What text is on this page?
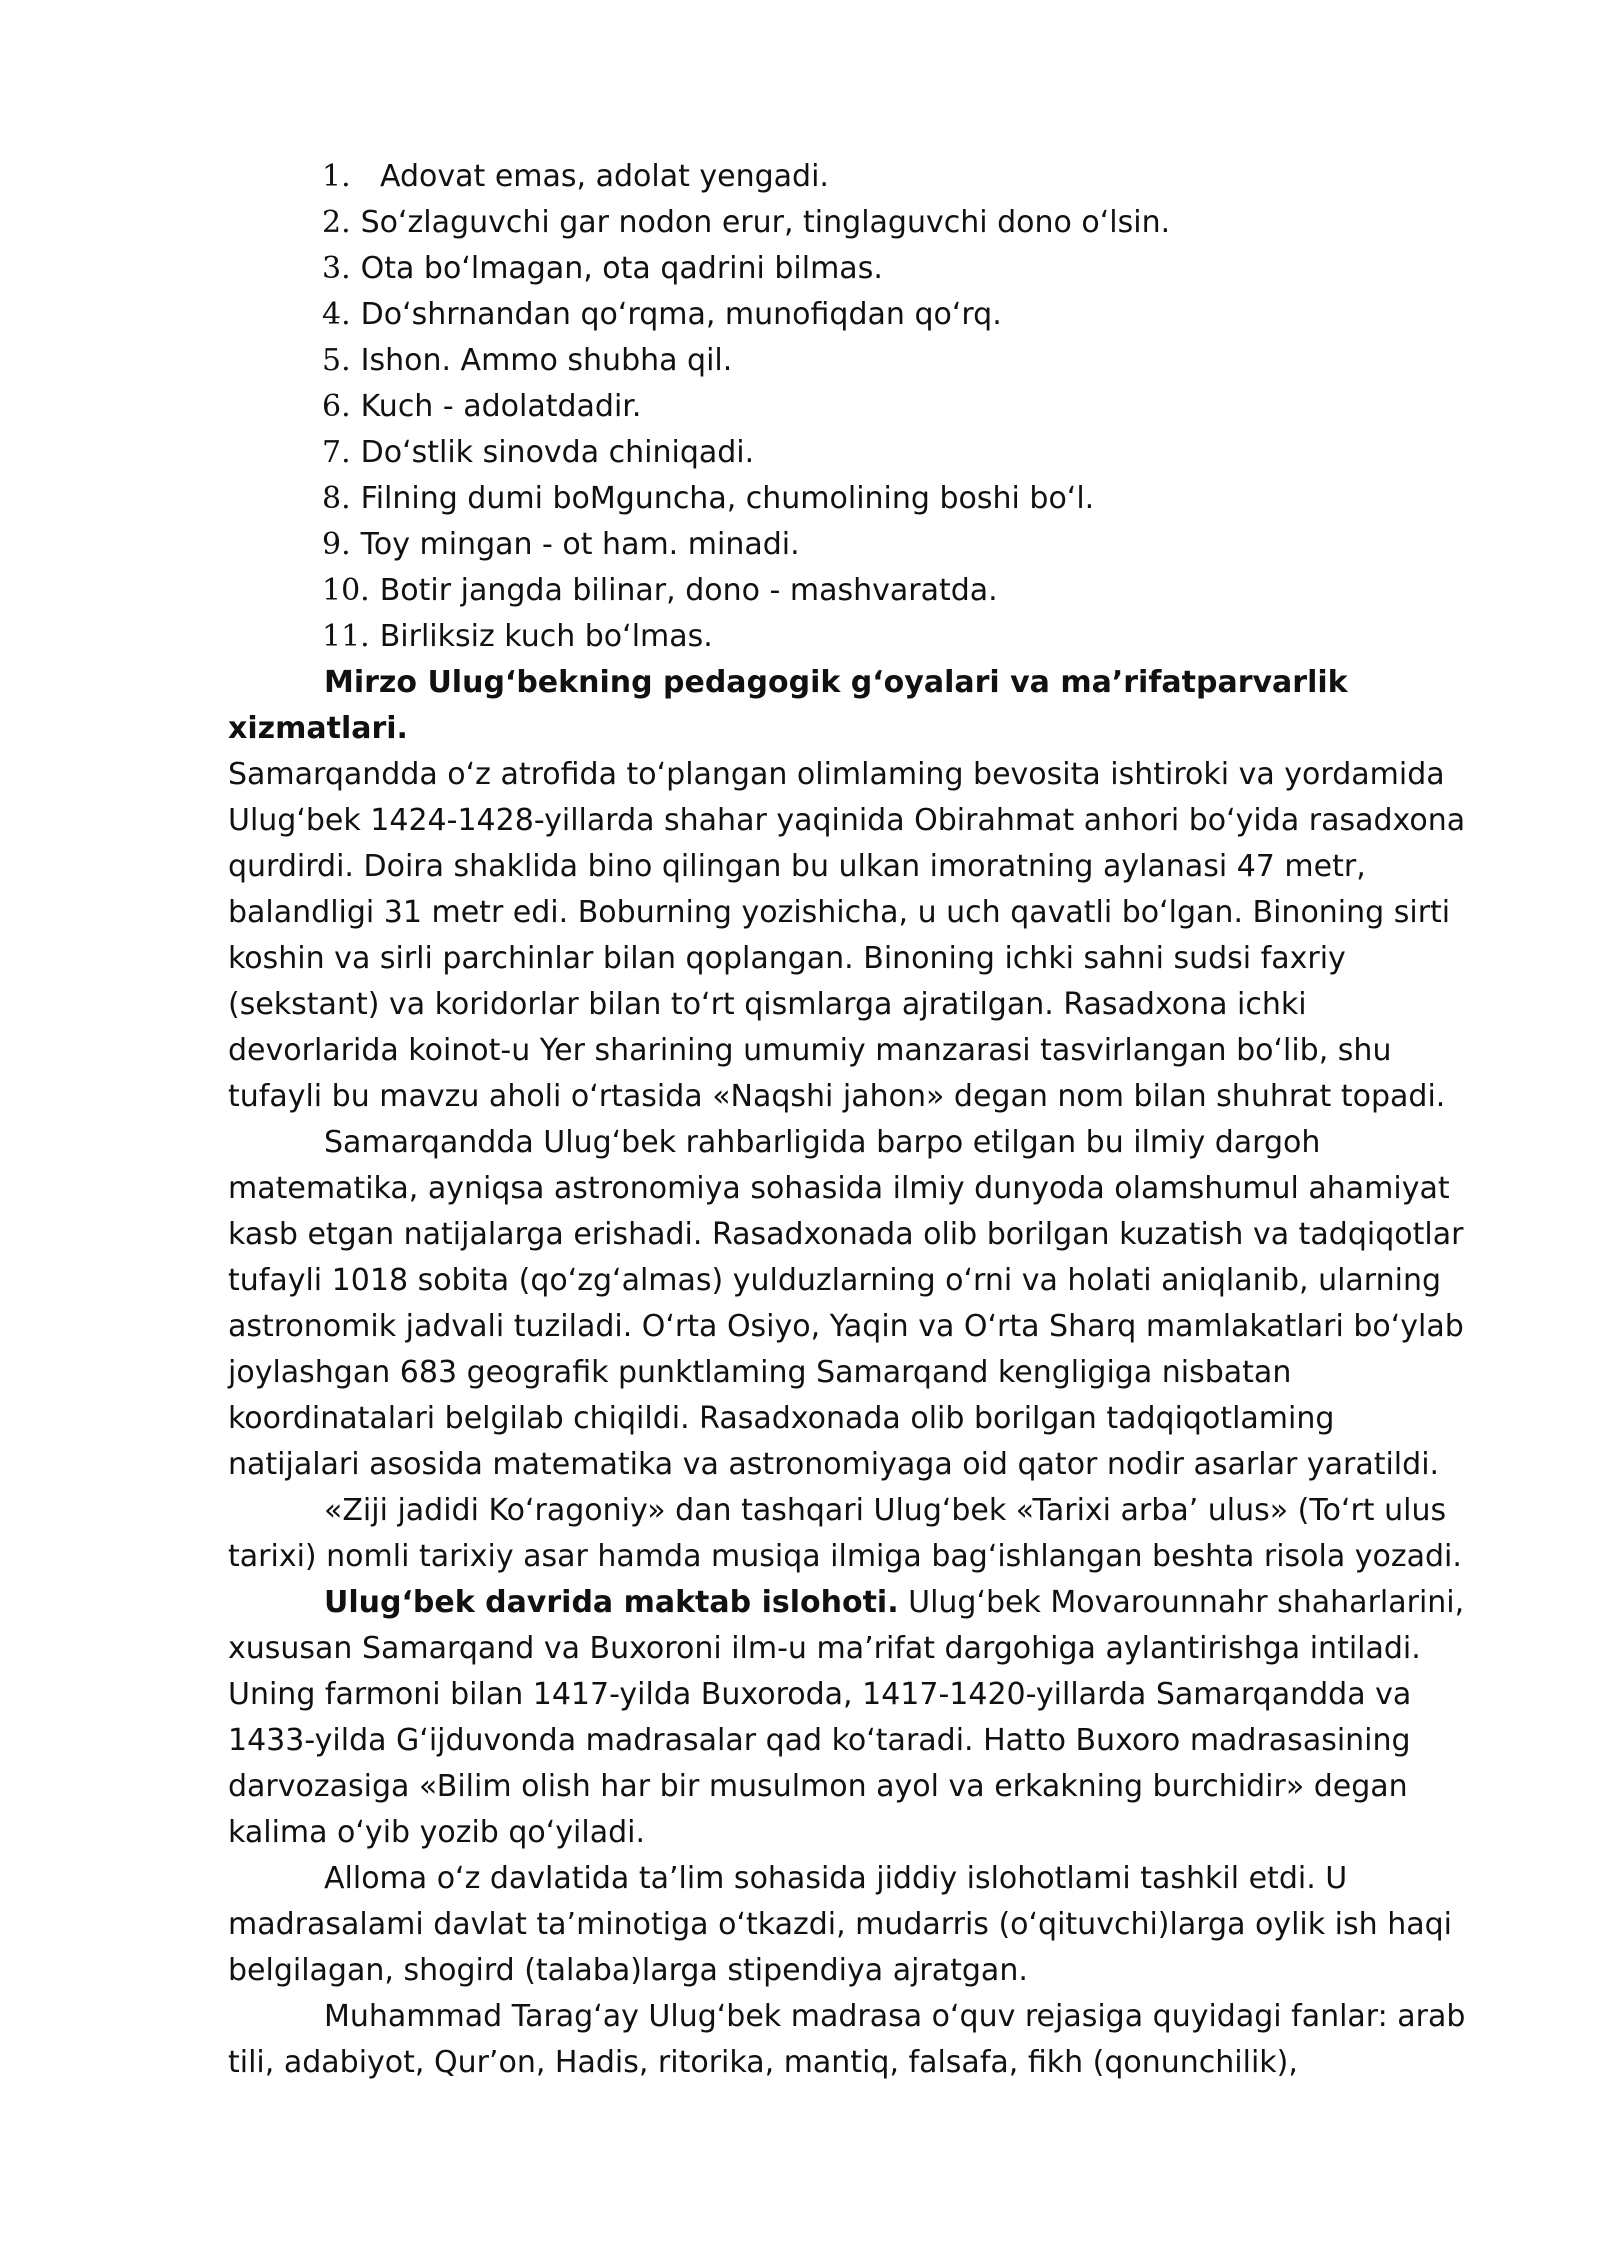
1. Adovat emas, adolat yengadi.
2. So‘zlaguvchi gar nodon erur, tinglaguvchi dono o‘lsin.
3. Ota bo‘lmagan, ota qadrini bilmas.
4. Do‘shrnandan qo‘rqma, munofiqdan qo‘rq.
5. Ishon. Ammo shubha qil.
6. Kuch - adolatdadir.
7. Do‘stlik sinovda chiniqadi.
8. Filning dumi boMguncha, chumolining boshi bo‘l.
9. Toy mingan - ot ham. minadi.
10. Botir jangda bilinar, dono - mashvaratda.
11. Birliksiz kuch bo‘lmas.

Mirzo Ulug‘bekning pedagogik g‘oyalari va ma’rifatparvarlik xizmatlari.
Samarqandda o‘z atrofida to‘plangan olimlaming bevosita ishtiroki va yordamida
Ulug‘bek 1424-1428-yillarda shahar yaqinida Obirahmat anhori bo‘yida rasadxona
qurdirdi. Doira shaklida bino qilingan bu ulkan imoratning aylanasi 47 metr,
balandligi 31 metr edi. Boburning yozishicha, u uch qavatli bo‘lgan. Binoning sirti
koshin va sirli parchinlar bilan qoplangan. Binoning ichki sahni sudsi faxriy
(sekstant) va koridorlar bilan to‘rt qismlarga ajratilgan. Rasadxona ichki
devorlarida koinot-u Yer sharining umumiy manzarasi tasvirlangan bo‘lib, shu
tufayli bu mavzu aholi o‘rtasida «Naqshi jahon» degan nom bilan shuhrat topadi.

Samarqandda Ulug‘bek rahbarligida barpo etilgan bu ilmiy dargoh
matematika, ayniqsa astronomiya sohasida ilmiy dunyoda olamshumul ahamiyat
kasb etgan natijalarga erishadi. Rasadxonada olib borilgan kuzatish va tadqiqotlar
tufayli 1018 sobita (qo‘zg‘almas) yulduzlarning o‘rni va holati aniqlanib, ularning
astronomik jadvali tuziladi. O‘rta Osiyo, Yaqin va O‘rta Sharq mamlakatlari bo‘ylab
joylashgan 683 geografik punktlaming Samarqand kengligiga nisbatan
koordinatalari belgilab chiqildi. Rasadxonada olib borilgan tadqiqotlaming
natijalari asosida matematika va astronomiyaga oid qator nodir asarlar yaratildi.

«Ziji jadidi Ko‘ragoniy» dan tashqari Ulug‘bek «Tarixi arba’ ulus» (To‘rt ulus
tarixi) nomli tarixiy asar hamda musiqa ilmiga bag‘ishlangan beshta risola yozadi.

Ulug‘bek davrida maktab islohoti. Ulug‘bek Movarounnahr shaharlarini,
xususan Samarqand va Buxoroni ilm-u ma’rifat dargohiga aylantirishga intiladi.
Uning farmoni bilan 1417-yilda Buxoroda, 1417-1420-yillarda Samarqandda va
1433-yilda G‘ijduvonda madrasalar qad ko‘taradi. Hatto Buxoro madrasasining
darvozasiga «Bilim olish har bir musulmon ayol va erkakning burchidir» degan
kalima o‘yib yozib qo‘yiladi.

Alloma o‘z davlatida ta’lim sohasida jiddiy islohotlami tashkil etdi. U
madrasalami davlat ta’minotiga o‘tkazdi, mudarris (o‘qituvchi)larga oylik ish haqi
belgilagan, shogird (talaba)larga stipendiya ajratgan.

Muhammad Tarag‘ay Ulug‘bek madrasa o‘quv rejasiga quyidagi fanlar: arab
tili, adabiyot, Qur’on, Hadis, ritorika, mantiq, falsafa, fikh (qonunchilik),
